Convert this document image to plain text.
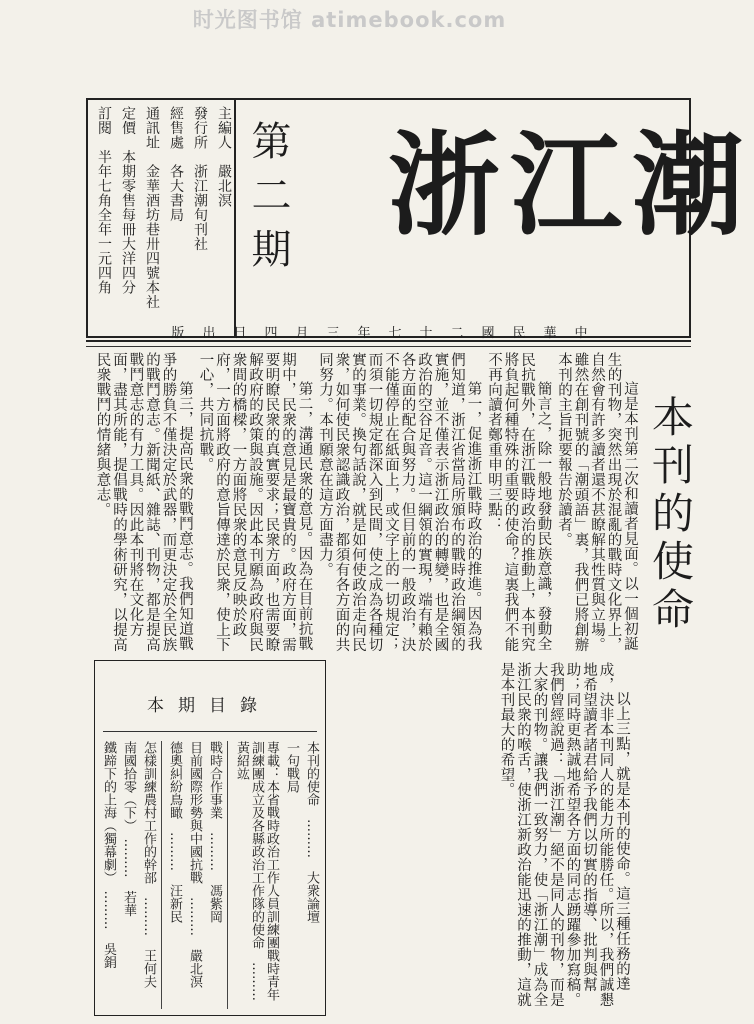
时光图书馆 atimebook.com
浙江潮
第二期
主編人　嚴北溟
發行所　浙江潮旬刊社
經售處　各大書局
通訊址　金華酒坊巷卅四號本社
定價　本期零售每冊大洋四分
訂閱　半年七角全年一元四角
中華民國二十七年三月四日出版
本刊的使命

這是本刊第二次和讀者見面。以一個初誕生的刊物，突然出現於混亂的戰時文化界上，自然會有許多讀者還不甚瞭解其性質與立場。雖然在創刊號的「潮頭語」裏，我們已將創辦本刊的主旨扼要報告於讀者。

簡言之，除一般地發動民族意識，發動全民抗戰外，在浙江戰時政治的推動上，本刊究將負起何種特殊的重要的使命？這裏我們不能不再向讀者鄭重申明三點：

第一，促進浙江戰時政治的推進。因為我們知道，浙江省當局所頒布的戰時政治綱領的實施，並不僅表示浙江政治的轉變，也是全國政治的空谷足音。這一綱領的實現，端有賴於各方面的配合與努力。但目前的一般政治，決不能僅停止在紙面上，或文字上的一切規定；而須一切規定都深入到民間，使之成為各種切實的事業。換句話說，就是如何使政治走向民衆，如何使民衆認識政治，都須有各方面的共同努力。本刊願意在這方面盡力。

第二，溝通民衆的意見。因為在目前抗戰期中，民衆的意見是最寶貴的。政府方面，需要明瞭民衆的真實要求；民衆方面，也需要瞭解政府的政策與設施。因此本刊願為政府與民衆間的橋樑，一方面將民衆的意見反映於政府，一方面將政府的意旨傳達於民衆，使上下一心，共同抗戰。

第三，提高民衆的戰鬥意志。我們知道戰爭的勝負不僅決定於武器，而更決定於全民族的戰鬥意志。新聞紙、雜誌、刊物，都是提高戰鬥意志的有力工具。因此本刊將在文化方面，盡其所能，提倡戰時的學術研究，以提高民衆戰鬥的情緒與意志。

以上三點，就是本刊的使命。這三種任務的達成，決非本刊同人的能力所能勝任。所以，我們誠懇地希望讀者諸君給予我們以切實的指導、批判與幫助；同時更熱誠地希望各方面的同志踴躍參加寫稿。我們曾經說過：「浙江潮」絕不是同人的刊物，而是大家的刊物。讓我們一致努力，使「浙江潮」成為全浙江民衆的喉舌，使浙江新政治能迅速的推動，這就是本刊最大的希望。

本期目錄
本刊的使命　………　大衆論壇
一句戰局
專載：本省戰時政治工作人員訓練團戰時青年訓練團成立及各縣政治工作隊的使命　………　黃紹竑
戰時合作事業　………　馮紫岡
目前國際形勢與中國抗戰　………　嚴北溟
德奧糾紛鳥瞰　………　汪新民
怎樣訓練農村工作的幹部　………　王何夫
南國拾零（下）　………　若華
鐵蹄下的上海（獨幕劇）　………　吳鋗
